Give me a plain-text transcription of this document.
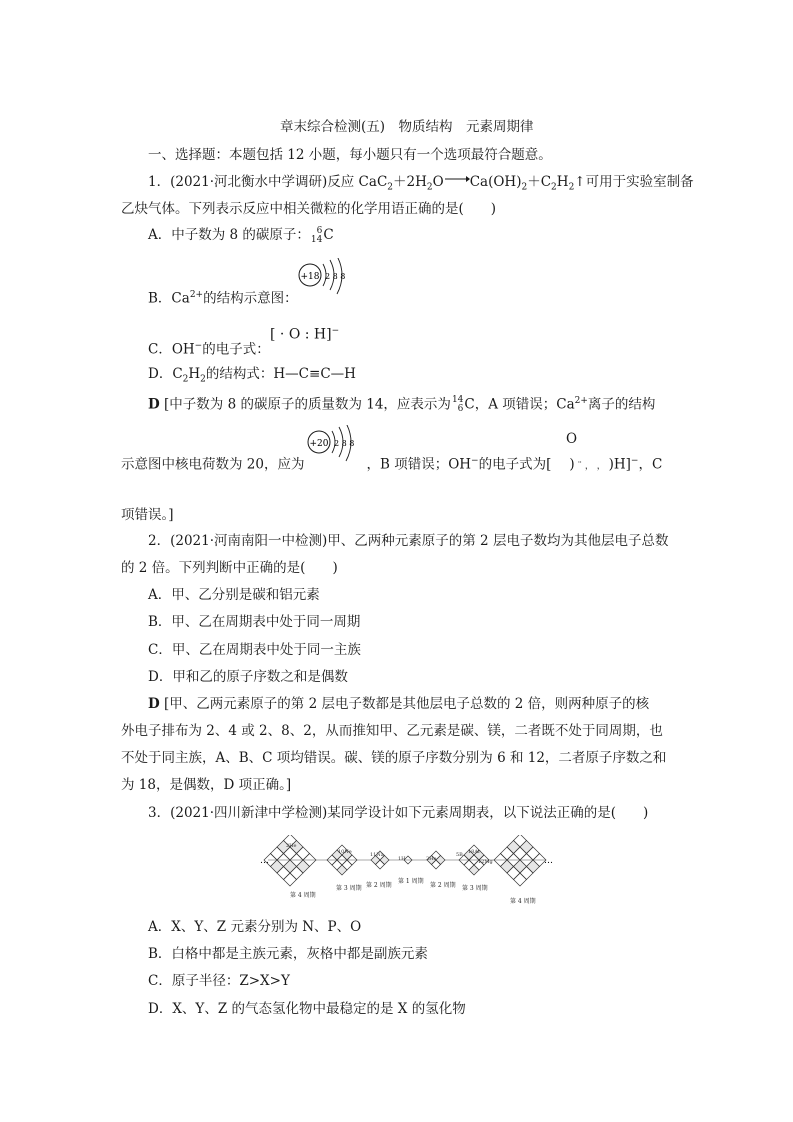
章末综合检测(五)　物质结构　元素周期律
一、选择题：本题包括 12 小题，每小题只有一个选项最符合题意。
1．(2021·河北衡水中学调研)反应 $CaC_2+2H_2O\to Ca(OH)_2+C_2H_2↑$可用于实验室制备
乙炔气体。下列表示反应中相关微粒的化学用语正确的是(　　)
A．中子数为 8 的碳原子： 6
14 C
B．$Ca^{2+}$的结构示意图：
+18 2 8 8
C．OH−的电子式：
[ · O : H]−
D．$C_2H_2$的结构式：H—C≡C—H
D [中子数为 8 的碳原子的质量数为 14，应表示为 14
6 C，A 项错误；$Ca^{2+}$离子的结构
示意图中核电荷数为 20，应为	，B 项错误；OH−的电子式为[ ) ¨ ， ， )H]−，C
O
+20 2 8 8
项错误。]
2．(2021·河南南阳一中检测)甲、乙两种元素原子的第 2 层电子数均为其他层电子总数
的 2 倍。下列判断中正确的是(　　)
A．甲、乙分别是碳和铝元素
B．甲、乙在周期表中处于同一周期
C．甲、乙在周期表中处于同一主族
D．甲和乙的原子序数之和是偶数
D [甲、乙两元素原子的第 2 层电子数都是其他层电子总数的 2 倍，则两种原子的核
外电子排布为 2、4 或 2、8、2，从而推知甲、乙元素是碳、镁，二者既不处于同周期，也
不处于同主族，A、B、C 项均错误。碳、镁的原子序数分别为 6 和 12，二者原子序数之和
为 18，是偶数，D 项正确。]
3．(2021·四川新津中学检测)某同学设计如下元素周期表，以下说法正确的是(　　)
…	…
2He
10Ne	11Na
1H	2He
5B 18Ar
12Mg
第 4 周期
第 3 周期 第 2 周期
第 1 周期
第 2 周期 第 3 周期
第 4 周期
A．X、Y、Z 元素分别为 N、P、O
B．白格中都是主族元素，灰格中都是副族元素
C．原子半径：Z>X>Y
D．X、Y、Z 的气态氢化物中最稳定的是 X 的氢化物
